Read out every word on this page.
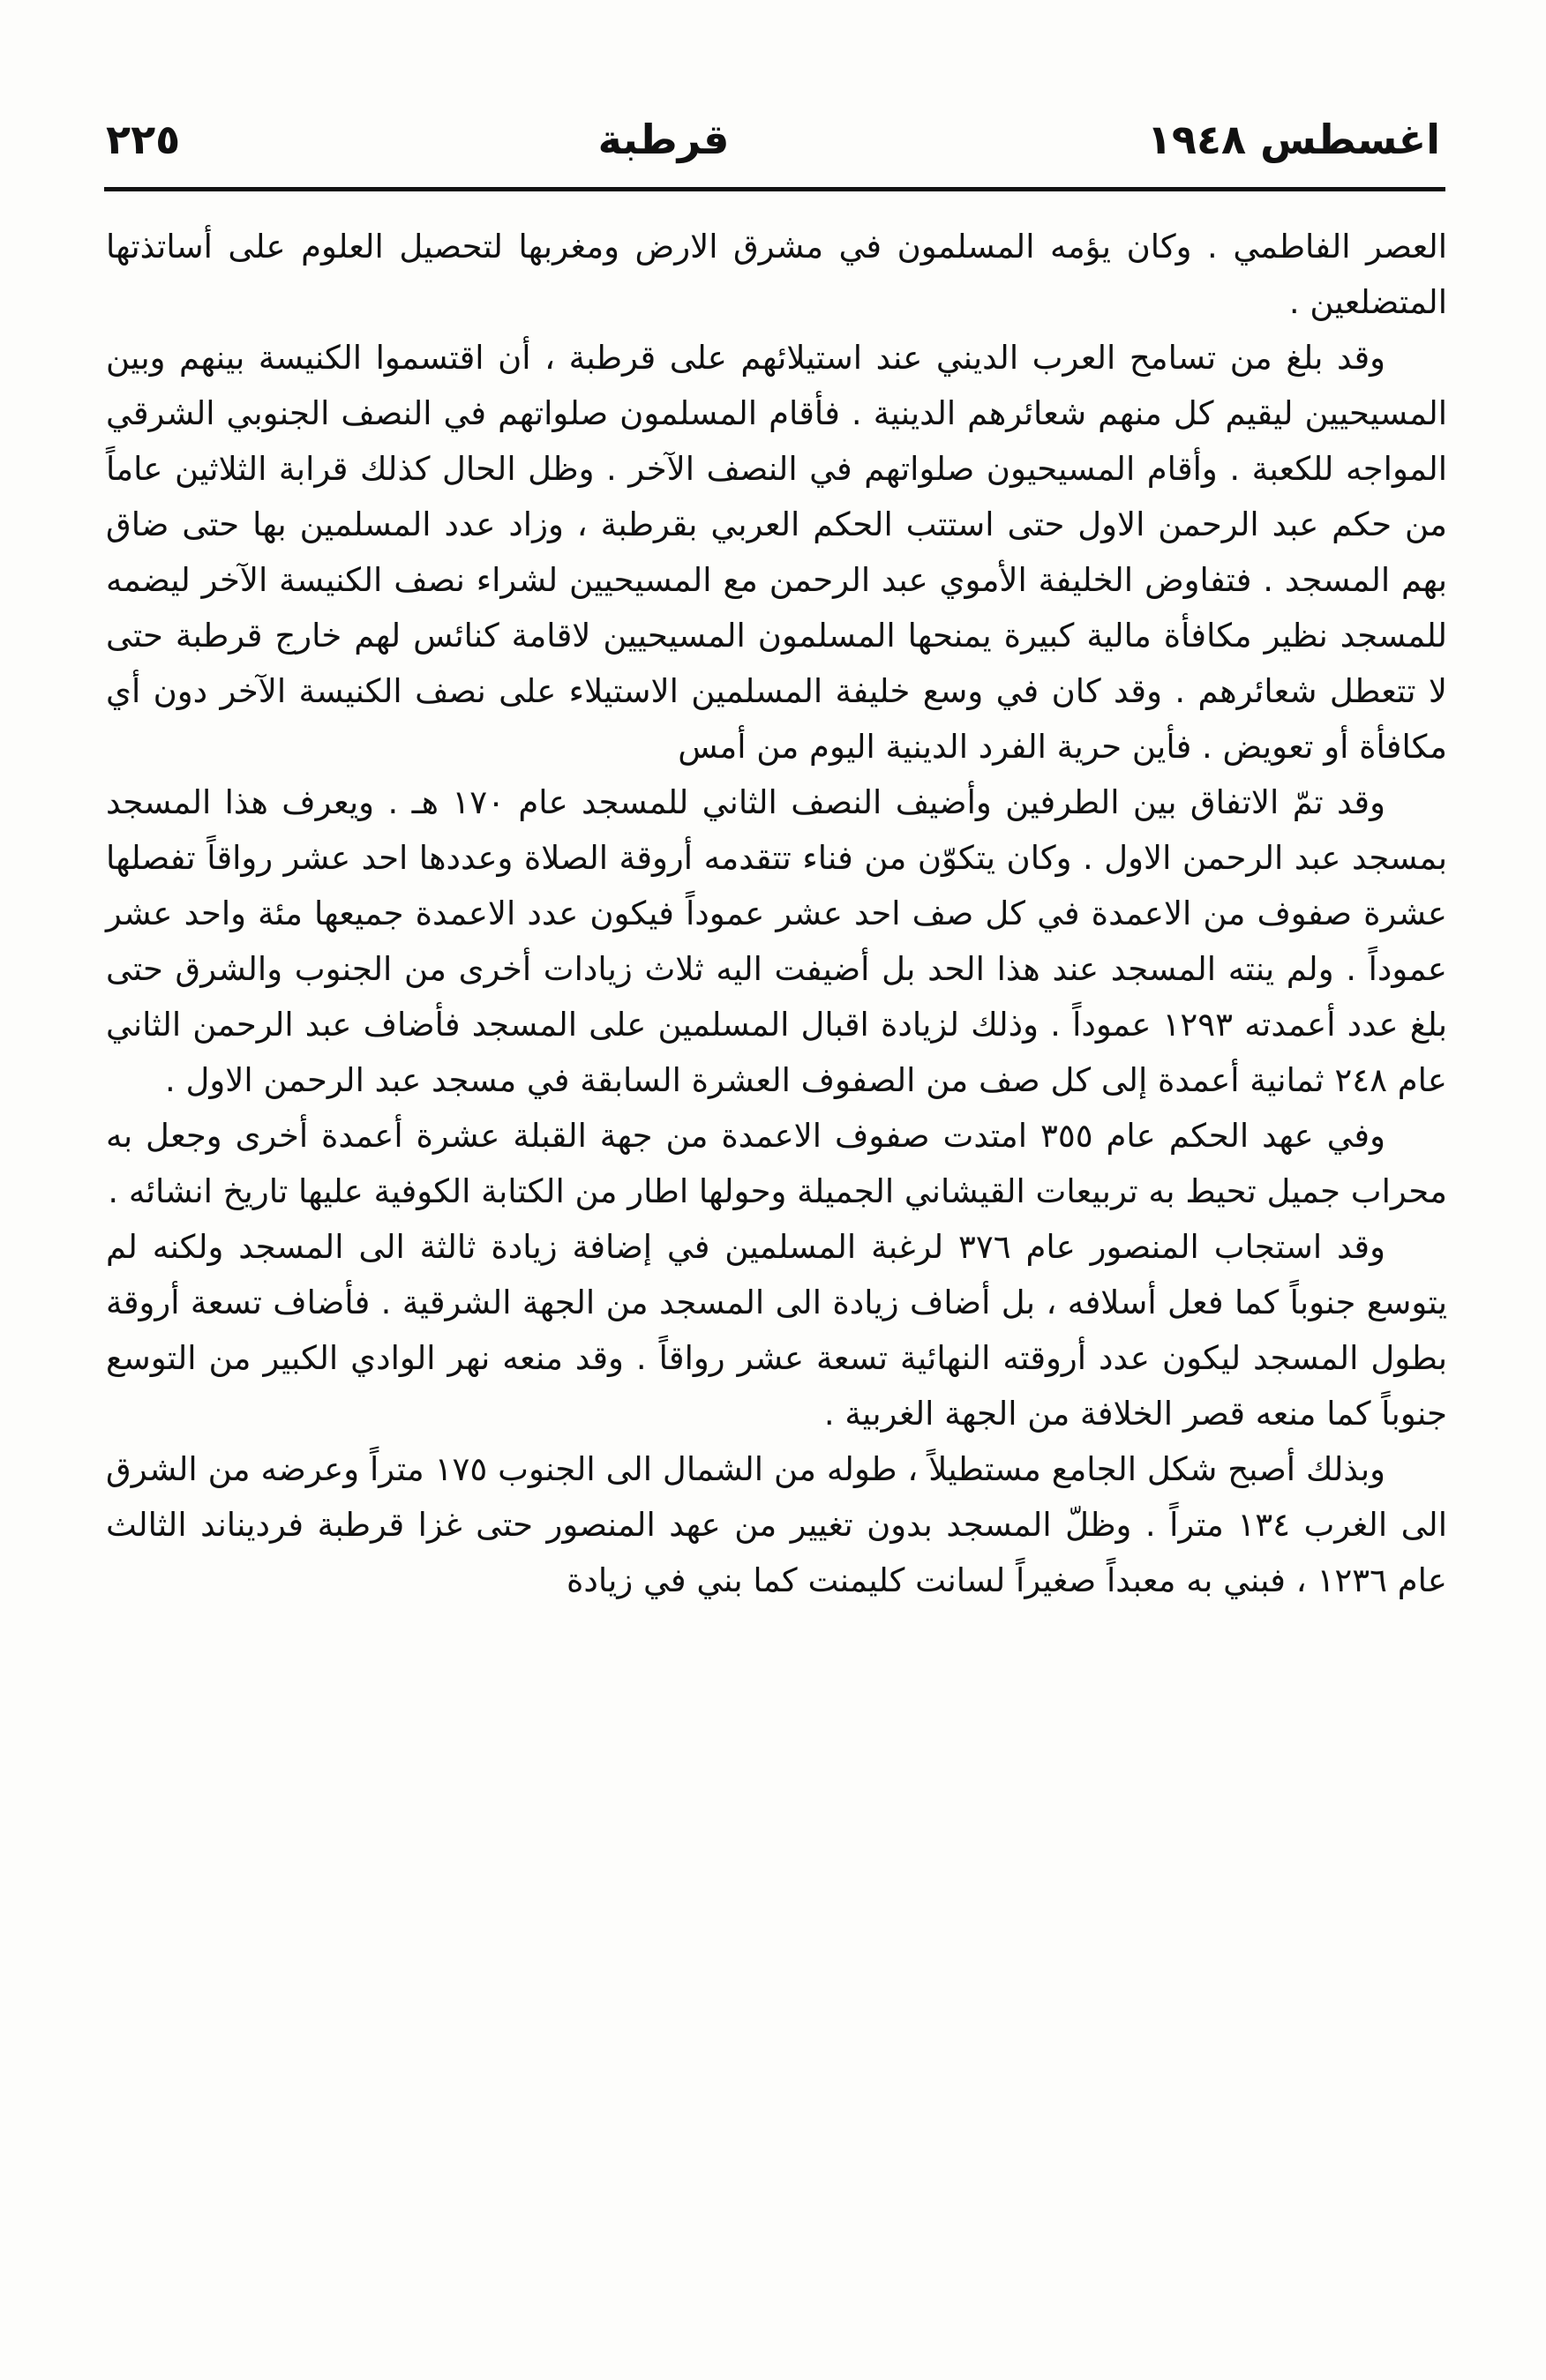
اغسطس ١٩٤٨
قرطبة
٢٢٥

العصر الفاطمي . وكان يؤمه المسلمون في مشرق الارض ومغربها لتحصيل العلوم على أساتذتها المتضلعين .

وقد بلغ من تسامح العرب الديني عند استيلائهم على قرطبة ، أن اقتسموا الكنيسة بينهم وبين المسيحيين ليقيم كل منهم شعائرهم الدينية . فأقام المسلمون صلواتهم في النصف الجنوبي الشرقي المواجه للكعبة . وأقام المسيحيون صلواتهم في النصف الآخر . وظل الحال كذلك قرابة الثلاثين عاماً من حكم عبد الرحمن الاول حتى استتب الحكم العربي بقرطبة ، وزاد عدد المسلمين بها حتى ضاق بهم المسجد . فتفاوض الخليفة الأموي عبد الرحمن مع المسيحيين لشراء نصف الكنيسة الآخر ليضمه للمسجد نظير مكافأة مالية كبيرة يمنحها المسلمون المسيحيين لاقامة كنائس لهم خارج قرطبة حتى لا تتعطل شعائرهم . وقد كان في وسع خليفة المسلمين الاستيلاء على نصف الكنيسة الآخر دون أي مكافأة أو تعويض . فأين حرية الفرد الدينية اليوم من أمس

وقد تمّ الاتفاق بين الطرفين وأضيف النصف الثاني للمسجد عام ١٧٠ هـ . ويعرف هذا المسجد بمسجد عبد الرحمن الاول . وكان يتكوّن من فناء تتقدمه أروقة الصلاة وعددها احد عشر رواقاً تفصلها عشرة صفوف من الاعمدة في كل صف احد عشر عموداً فيكون عدد الاعمدة جميعها مئة واحد عشر عموداً . ولم ينته المسجد عند هذا الحد بل أضيفت اليه ثلاث زيادات أخرى من الجنوب والشرق حتى بلغ عدد أعمدته ١٢٩٣ عموداً . وذلك لزيادة اقبال المسلمين على المسجد فأضاف عبد الرحمن الثاني عام ٢٤٨ ثمانية أعمدة إلى كل صف من الصفوف العشرة السابقة في مسجد عبد الرحمن الاول .

وفي عهد الحكم عام ٣٥٥ امتدت صفوف الاعمدة من جهة القبلة عشرة أعمدة أخرى وجعل به محراب جميل تحيط به تربيعات القيشاني الجميلة وحولها اطار من الكتابة الكوفية عليها تاريخ انشائه .

وقد استجاب المنصور عام ٣٧٦ لرغبة المسلمين في إضافة زيادة ثالثة الى المسجد ولكنه لم يتوسع جنوباً كما فعل أسلافه ، بل أضاف زيادة الى المسجد من الجهة الشرقية . فأضاف تسعة أروقة بطول المسجد ليكون عدد أروقته النهائية تسعة عشر رواقاً . وقد منعه نهر الوادي الكبير من التوسع جنوباً كما منعه قصر الخلافة من الجهة الغربية .

وبذلك أصبح شكل الجامع مستطيلاً ، طوله من الشمال الى الجنوب ١٧٥ متراً وعرضه من الشرق الى الغرب ١٣٤ متراً . وظلّ المسجد بدون تغيير من عهد المنصور حتى غزا قرطبة فرديناند الثالث عام ١٢٣٦ ، فبني به معبداً صغيراً لسانت كليمنت كما بني في زيادة
